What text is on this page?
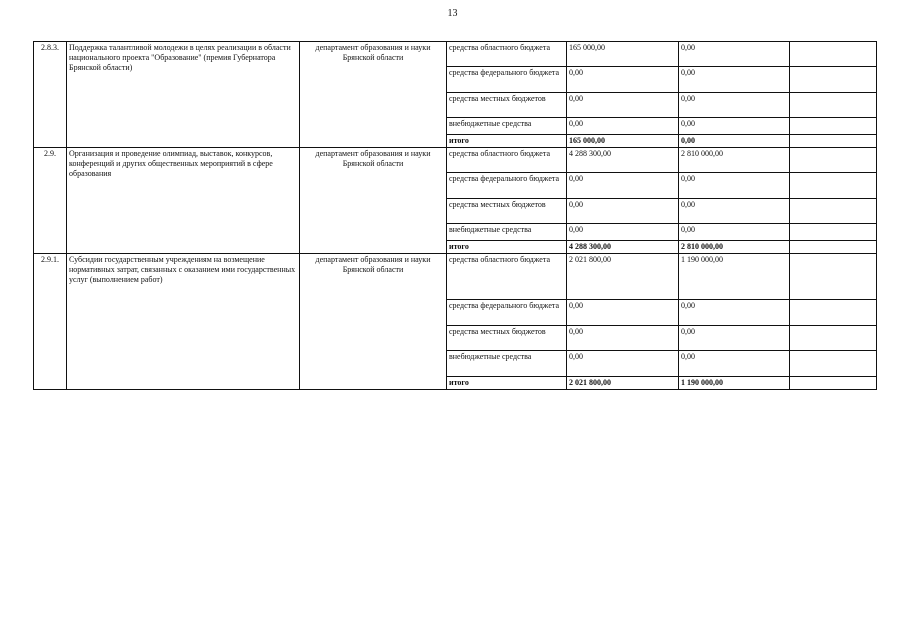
13
2.8.3.	Поддержка талантливой молодежи в целях реализации в области национального проекта "Образование" (премия Губернатора Брянской области)	департамент образования и науки Брянской области	средства областного бюджета	165 000,00	0,00	
			средства федерального бюджета	0,00	0,00	
			средства местных бюджетов	0,00	0,00	
			внебюджетные средства	0,00	0,00	
			итого	165 000,00	0,00	
2.9.	Организация и проведение олимпиад, выставок, конкурсов, конференций и других общественных мероприятий в сфере образования	департамент образования и науки Брянской области	средства областного бюджета	4 288 300,00	2 810 000,00	
			средства федерального бюджета	0,00	0,00	
			средства местных бюджетов	0,00	0,00	
			внебюджетные средства	0,00	0,00	
			итого	4 288 300,00	2 810 000,00	
2.9.1.	Субсидии государственным учреждениям на возмещение нормативных затрат, связанных с оказанием ими государственных услуг (выполнением работ)	департамент образования и науки Брянской области	средства областного бюджета	2 021 800,00	1 190 000,00	
			средства федерального бюджета	0,00	0,00	
			средства местных бюджетов	0,00	0,00	
			внебюджетные средства	0,00	0,00	
			итого	2 021 800,00	1 190 000,00	
